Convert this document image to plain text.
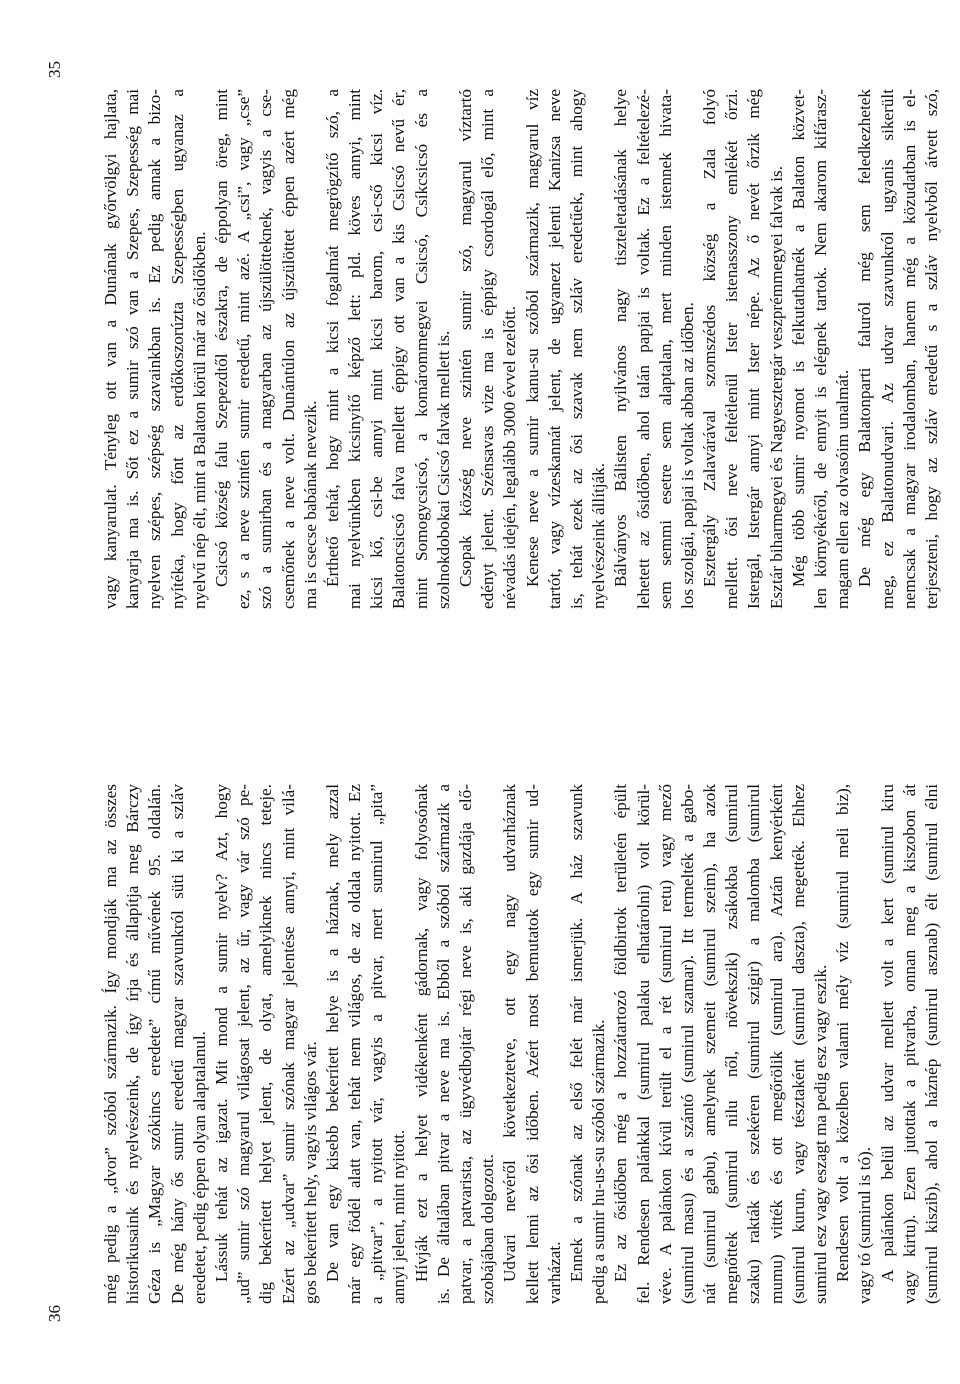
36

még pedig a „dvor” szóból származik. Így mondják ma az összes historikusaink és nyelvészeink, de így írja és állapítja meg Bárczy Géza is „Magyar szókincs eredete” című művének 95. oldalán. De még hány ős sumir eredetű magyar szavunkról süti ki a szláv eredetet, pedig éppen olyan alaptalanul. Lássuk tehát az igazat. Mit mond a sumir nyelv? Azt, hogy „ud” sumir szó magyarul világosat jelent, az űr, vagy vár szó pe- dig bekerített helyet jelent, de olyat, amelyiknek nincs teteje. Ezért az „udvar” sumir szónak magyar jelentése annyi, mint vilá- gos bekerített hely, vagyis világos vár. De van egy kisebb bekerített helye is a háznak, mely azzal már egy födél alatt van, tehát nem világos, de az oldala nyitott. Ez a „pitvar”, a nyitott vár, vagyis a pitvar, mert sumirul „pita” annyi jelent, mint nyitott. Hívják ezt a helyet vidékenként gádornak, vagy folyosónak is. De általában pitvar a neve ma is. Ebből a szóból származik a patvar, a patvarista, az ügyvédbojtár régi neve is, aki gazdája elő- szobájában dolgozott. Udvari nevéről következtetve, ott egy nagy udvarháznak kellett lenni az ősi időben. Azért most bemutatok egy sumir ud- varházat. Ennek a szónak az első felét már ismerjük. A ház szavunk pedig a sumir hu-us-su szóból származik. Ez az ősidőben még a hozzátartozó földbirtok területén épült fel. Rendesen palánkkal (sumirul palaku elhatárolni) volt körül- véve. A palánkon kívül terült el a rét (sumirul retu) vagy mező (sumirul masu) és a szántó (sumirul szamar). Itt termelték a gabo- nát (sumirul gabu), amelynek szemeit (sumirul szeim), ha azok megnőttek (sumirul nilu nől, növekszik) zsákokba (sumirul szaku) rakták és szekéren (sumirul szigir) a malomba (sumirul mumu) vitték és ott megőrölik (sumirul ara). Aztán kenyérként (sumirul kurun, vagy tésztaként (sumirul daszta), megették. Ehhez sumirul esz vagy eszagt ma pedig esz vagy eszik. Rendesen volt a közelben valami mély víz (sumirul meli biz), vagy tó (sumirul is tó). A palánkon belül az udvar mellett volt a kert (sumirul kiru vagy kirtu). Ezen jutottak a pitvarba, onnan meg a kiszobon át (sumirul kiszib), ahol a háznép (sumirul asznab) élt (sumirul élni

35

vagy kanyarulat. Tényleg ott van a Dunának győrvölgyi hajlata, kanyarja ma is. Sőt ez a sumir szó van a Szepes, Szepesség mai nyelven szépes, szépség szavainkban is. Ez pedig annak a bizo- nyítéka, hogy főnt az erdőkoszorúzta Szepességben ugyanaz a nyelvű nép élt, mint a Balaton körül már az ősidőkben. Csicsó község falu Szepezdtől északra, de éppolyan öreg, mint ez, s a neve szintén sumir eredetű, mint azé. A „csi”, vagy „cse” szó a sumirban és a magyarban az újszülötteknek, vagyis a cse- csemőnek a neve volt. Dunántúlon az újszülöttet éppen azért még ma is csecse babának nevezik. Érthető tehát, hogy mint a kicsi fogalmát megrögzítő szó, a mai nyelvünkben kicsinyítő képző lett: pld. köves annyi, mint kicsi kő, csi-be annyi mint kicsi barom, csi-cső kicsi víz. Balatoncsicsó falva mellett éppígy ott van a kis Csicsó nevű ér, mint Somogycsicsó, a komárommegyei Csicsó, Csíkcsicsó és a szolnokdobokai Csicsó falvak mellett is. Csopak község neve szintén sumir szó, magyarul víztartó edényt jelent. Szénsavas vize ma is éppígy csordogál elő, mint a névadás idején, legalább 3000 évvel ezelőtt. Kenese neve a sumir kanu-su szóból származik, magyarul víz tartót, vagy vízeskannát jelent, de ugyanezt jelenti Kanizsa neve is, tehát ezek az ősi szavak nem szláv eredetűek, mint ahogy nyelvészeink állítják. Bálványos Bálisten nyilvános nagy tiszteletadásának helye lehetett az ősidőben, ahol talán papjai is voltak. Ez a feltételezé- sem semmi esetre sem alaptalan, mert minden istennek hivata- los szolgái, papjai is voltak abban az időben. Esztergály Zalavárával szomszédos község a Zala folyó mellett. ősi neve feltétlenül Ister istenasszony emlékét őrzi. Istergál, Istergár annyi mint Ister népe. Az ő nevét őrzik még Esztár biharmegyei és Nagyesztergár veszprémmegyei falvak is. Még több sumir nyomot is felkutathatnék a Balaton közvet- len környékéről, de ennyit is elégnek tartok. Nem akarom kifárasz- magam ellen az olvasóim unalmát. De még egy Balatonparti faluról még sem feledkezhetek meg, ez Balatonudvari. Az udvar szavunkról ugyanis sikerült nemcsak a magyar irodalomban, hanem még a közudatban is el- terjeszteni, hogy az szláv eredetű s a szláv nyelvből átvett szó,
